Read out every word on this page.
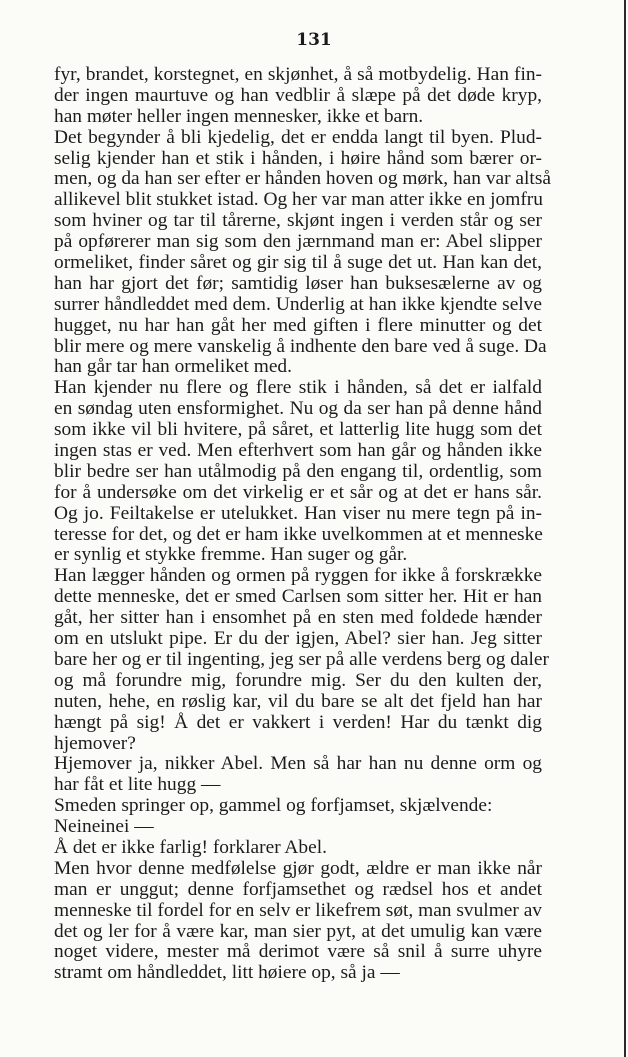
131
fyr, brandet, korstegnet, en skjønhet, å så motbydelig. Han fin-
der ingen maurtuve og han vedblir å slæpe på det døde kryp,
han møter heller ingen mennesker, ikke et barn.
Det begynder å bli kjedelig, det er endda langt til byen. Plud-
selig kjender han et stik i hånden, i høire hånd som bærer or-
men, og da han ser efter er hånden hoven og mørk, han var altså
allikevel blit stukket istad. Og her var man atter ikke en jomfru
som hviner og tar til tårerne, skjønt ingen i verden står og ser
på opførerer man sig som den jærnmand man er: Abel slipper
ormeliket, finder såret og gir sig til å suge det ut. Han kan det,
han har gjort det før; samtidig løser han buksesælerne av og
surrer håndleddet med dem. Underlig at han ikke kjendte selve
hugget, nu har han gåt her med giften i flere minutter og det
blir mere og mere vanskelig å indhente den bare ved å suge. Da
han går tar han ormeliket med.
Han kjender nu flere og flere stik i hånden, så det er ialfald
en søndag uten ensformighet. Nu og da ser han på denne hånd
som ikke vil bli hvitere, på såret, et latterlig lite hugg som det
ingen stas er ved. Men efterhvert som han går og hånden ikke
blir bedre ser han utålmodig på den engang til, ordentlig, som
for å undersøke om det virkelig er et sår og at det er hans sår.
Og jo. Feiltakelse er utelukket. Han viser nu mere tegn på in-
teresse for det, og det er ham ikke uvelkommen at et menneske
er synlig et stykke fremme. Han suger og går.
Han lægger hånden og ormen på ryggen for ikke å forskrække
dette menneske, det er smed Carlsen som sitter her. Hit er han
gåt, her sitter han i ensomhet på en sten med foldede hænder
om en utslukt pipe. Er du der igjen, Abel? sier han. Jeg sitter
bare her og er til ingenting, jeg ser på alle verdens berg og daler
og må forundre mig, forundre mig. Ser du den kulten der,
nuten, hehe, en røslig kar, vil du bare se alt det fjeld han har
hængt på sig! Å det er vakkert i verden! Har du tænkt dig
hjemover?
Hjemover ja, nikker Abel. Men så har han nu denne orm og
har fåt et lite hugg —
Smeden springer op, gammel og forfjamset, skjælvende:
Neineinei —
Å det er ikke farlig! forklarer Abel.
Men hvor denne medfølelse gjør godt, ældre er man ikke når
man er unggut; denne forfjamsethet og rædsel hos et andet
menneske til fordel for en selv er likefrem søt, man svulmer av
det og ler for å være kar, man sier pyt, at det umulig kan være
noget videre, mester må derimot være så snil å surre uhyre
stramt om håndleddet, litt høiere op, så ja —
